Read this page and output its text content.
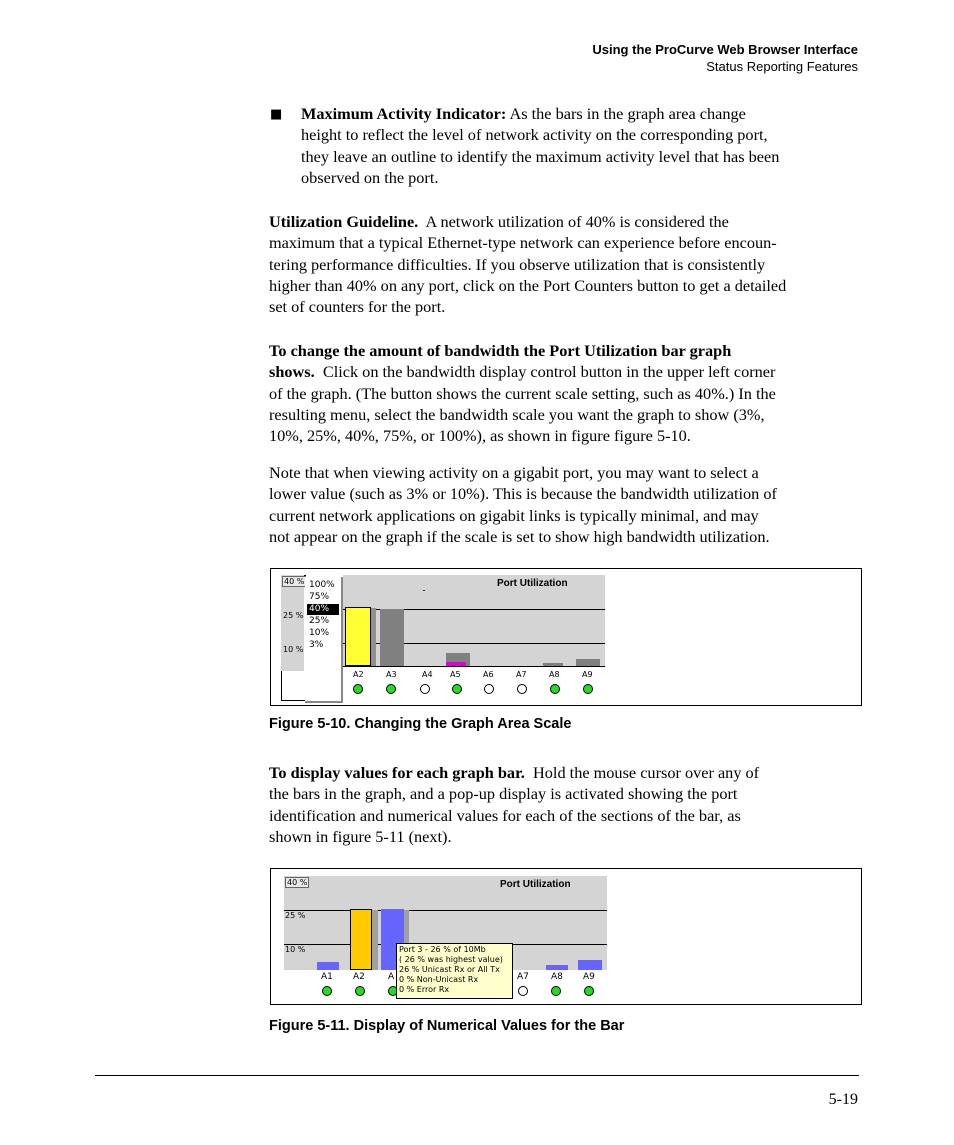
Using the ProCurve Web Browser Interface
Status Reporting Features
■ Maximum Activity Indicator: As the bars in the graph area change
height to reflect the level of network activity on the corresponding port,
they leave an outline to identify the maximum activity level that has been
observed on the port.
Utilization Guideline. A network utilization of 40% is considered the
maximum that a typical Ethernet-type network can experience before encoun-
tering performance difficulties. If you observe utilization that is consistently
higher than 40% on any port, click on the Port Counters button to get a detailed
set of counters for the port.
To change the amount of bandwidth the Port Utilization bar graph
shows. Click on the bandwidth display control button in the upper left corner
of the graph. (The button shows the current scale setting, such as 40%.) In the
resulting menu, select the bandwidth scale you want the graph to show (3%,
10%, 25%, 40%, 75%, or 100%), as shown in figure figure 5-10.
Note that when viewing activity on a gigabit port, you may want to select a
lower value (such as 3% or 10%). This is because the bandwidth utilization of
current network applications on gigabit links is typically minimal, and may
not appear on the graph if the scale is set to show high bandwidth utilization.
40 %
25 %
10 %
100%
75%
40%
25%
10%
3%
Port Utilization
A2	A3	A4 A5	A6	A7	A8	A9
Figure 5-10. Changing the Graph Area Scale
To display values for each graph bar. Hold the mouse cursor over any of
the bars in the graph, and a pop-up display is activated showing the port
identification and numerical values for each of the sections of the bar, as
shown in figure 5-11 (next).
40 %
25 %
10 %
Port Utilization
A1 A2	A	A7 A8 A9
Port 3 - 26 % of 10Mb
( 26 % was highest value)
26 % Unicast Rx or All Tx
0 % Non-Unicast Rx
0 % Error Rx
Figure 5-11. Display of Numerical Values for the Bar
5-19
